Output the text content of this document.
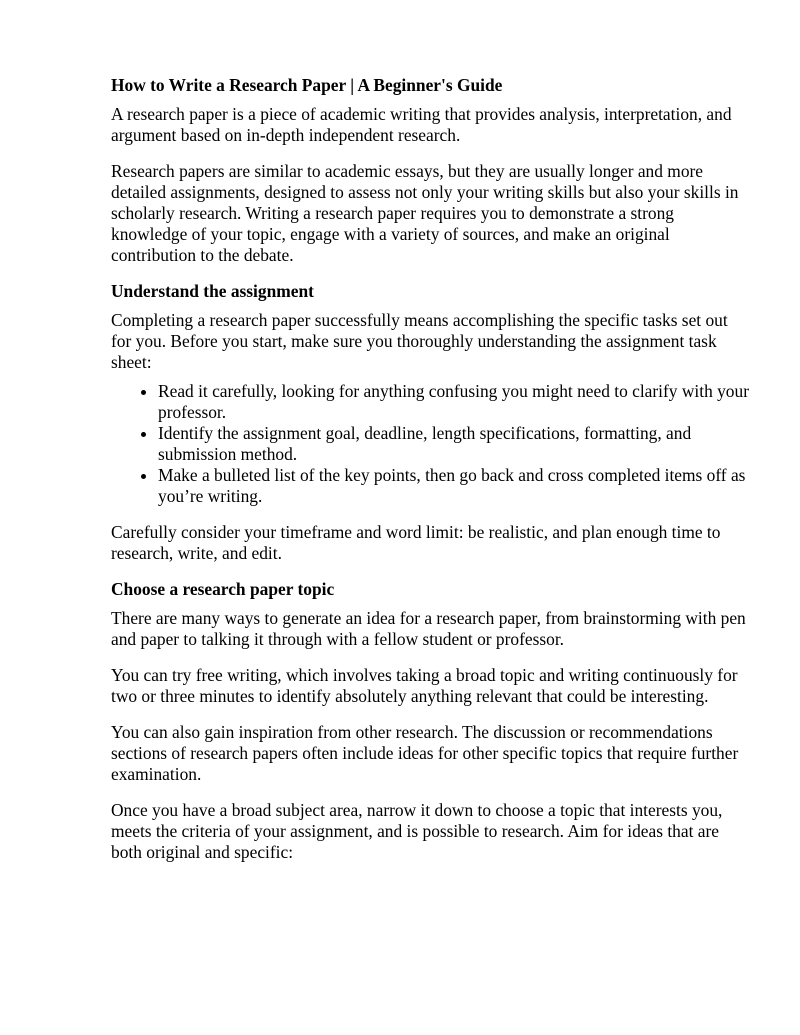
How to Write a Research Paper | A Beginner's Guide

A research paper is a piece of academic writing that provides analysis, interpretation, and argument based on in-depth independent research.

Research papers are similar to academic essays, but they are usually longer and more detailed assignments, designed to assess not only your writing skills but also your skills in scholarly research. Writing a research paper requires you to demonstrate a strong knowledge of your topic, engage with a variety of sources, and make an original contribution to the debate.

Understand the assignment

Completing a research paper successfully means accomplishing the specific tasks set out for you. Before you start, make sure you thoroughly understanding the assignment task sheet:

• Read it carefully, looking for anything confusing you might need to clarify with your professor.
• Identify the assignment goal, deadline, length specifications, formatting, and submission method.
• Make a bulleted list of the key points, then go back and cross completed items off as you’re writing.

Carefully consider your timeframe and word limit: be realistic, and plan enough time to research, write, and edit.

Choose a research paper topic

There are many ways to generate an idea for a research paper, from brainstorming with pen and paper to talking it through with a fellow student or professor.

You can try free writing, which involves taking a broad topic and writing continuously for two or three minutes to identify absolutely anything relevant that could be interesting.

You can also gain inspiration from other research. The discussion or recommendations sections of research papers often include ideas for other specific topics that require further examination.

Once you have a broad subject area, narrow it down to choose a topic that interests you, meets the criteria of your assignment, and is possible to research. Aim for ideas that are both original and specific:
